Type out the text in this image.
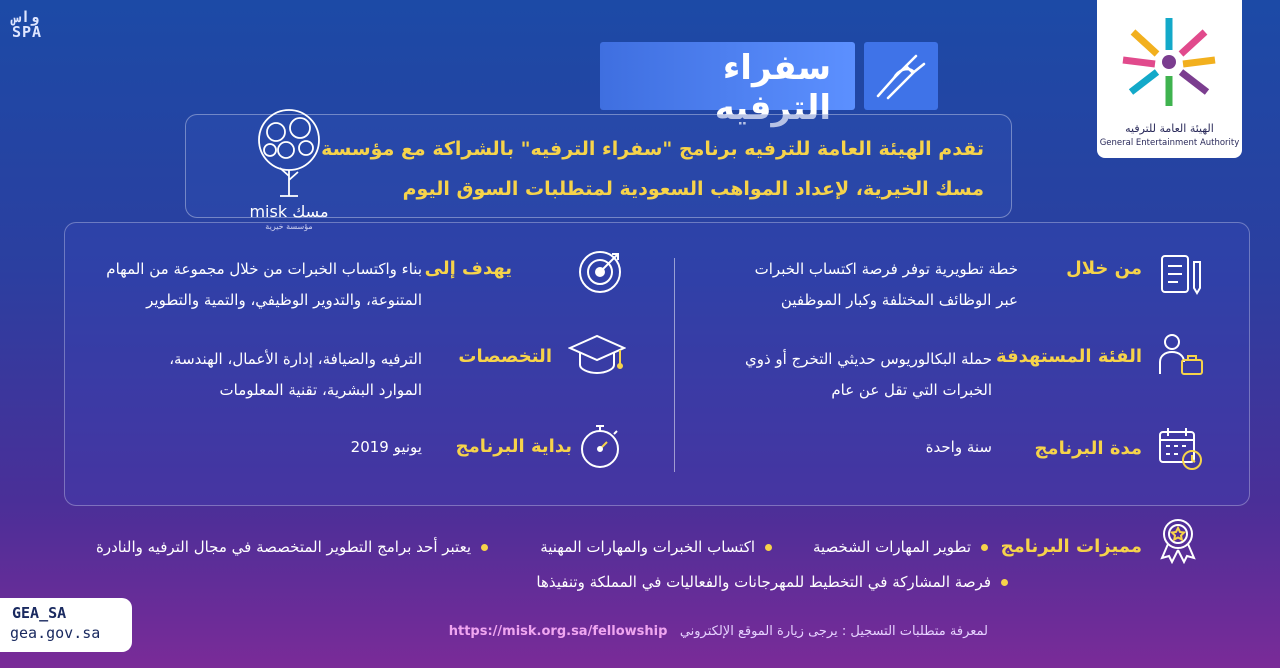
واس
SPA
الهيئة العامة للترفيه
General Entertainment Authority
سفراء الترفيه
تقدم الهيئة العامة للترفيه برنامج "سفراء الترفيه" بالشراكة مع مؤسسة
مسك الخيرية، لإعداد المواهب السعودية لمتطلبات السوق اليوم
misk مسك
مؤسسة خيرية
من خلال
خطة تطويرية توفر فرصة اكتساب الخبرات
عبر الوظائف المختلفة وكبار الموظفين
الفئة المستهدفة
حملة البكالوريوس حديثي التخرج أو ذوي
الخبرات التي تقل عن عام
مدة البرنامج
سنة واحدة
يهدف إلى
بناء واكتساب الخبرات من خلال مجموعة من المهام
المتنوعة، والتدوير الوظيفي، والتمية والتطوير
التخصصات
الترفيه والضيافة، إدارة الأعمال، الهندسة،
الموارد البشرية، تقنية المعلومات
بداية البرنامج
يونيو 2019
مميزات البرنامج
تطوير المهارات الشخصية
اكتساب الخبرات والمهارات المهنية
يعتبر أحد برامج التطوير المتخصصة في مجال الترفيه والنادرة
فرصة المشاركة في التخطيط للمهرجانات والفعاليات في المملكة وتنفيذها
GEA_SA
gea.gov.sa	لمعرفة متطلبات التسجيل : يرجى زيارة الموقع الإلكتروني   https://misk.org.sa/fellowship
